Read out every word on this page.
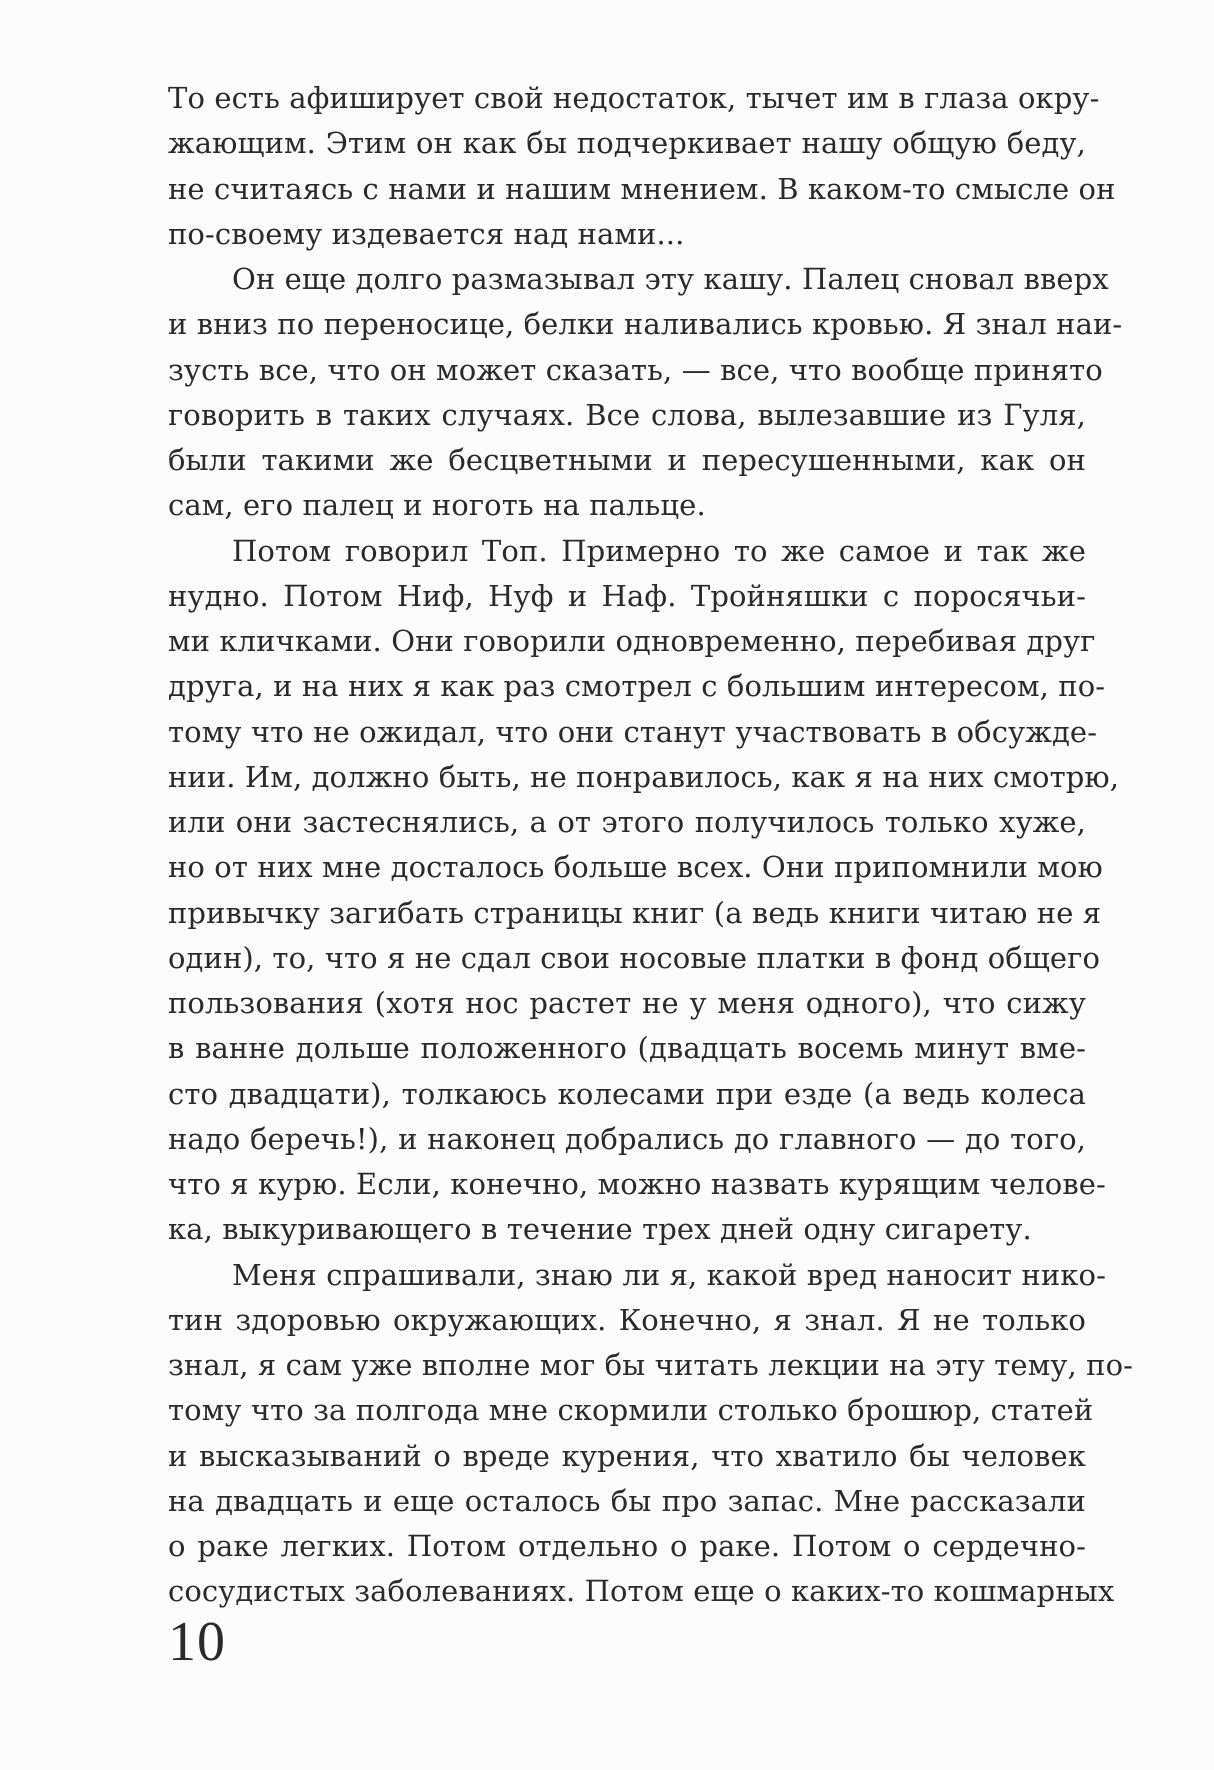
То есть афиширует свой недостаток, тычет им в глаза окру-
жающим. Этим он как бы подчеркивает нашу общую беду,
не считаясь с нами и нашим мнением. В каком-то смысле он
по-своему издевается над нами...
Он еще долго размазывал эту кашу. Палец сновал вверх
и вниз по переносице, белки наливались кровью. Я знал наи-
зусть все, что он может сказать, — все, что вообще принято
говорить в таких случаях. Все слова, вылезавшие из Гуля,
были такими же бесцветными и пересушенными, как он
сам, его палец и ноготь на пальце.
Потом говорил Топ. Примерно то же самое и так же
нудно. Потом Ниф, Нуф и Наф. Тройняшки с поросячьи-
ми кличками. Они говорили одновременно, перебивая друг
друга, и на них я как раз смотрел с большим интересом, по-
тому что не ожидал, что они станут участвовать в обсужде-
нии. Им, должно быть, не понравилось, как я на них смотрю,
или они застеснялись, а от этого получилось только хуже,
но от них мне досталось больше всех. Они припомнили мою
привычку загибать страницы книг (а ведь книги читаю не я
один), то, что я не сдал свои носовые платки в фонд общего
пользования (хотя нос растет не у меня одного), что сижу
в ванне дольше положенного (двадцать восемь минут вме-
сто двадцати), толкаюсь колесами при езде (а ведь колеса
надо беречь!), и наконец добрались до главного — до того,
что я курю. Если, конечно, можно назвать курящим челове-
ка, выкуривающего в течение трех дней одну сигарету.
Меня спрашивали, знаю ли я, какой вред наносит нико-
тин здоровью окружающих. Конечно, я знал. Я не только
знал, я сам уже вполне мог бы читать лекции на эту тему, по-
тому что за полгода мне скормили столько брошюр, статей
и высказываний о вреде курения, что хватило бы человек
на двадцать и еще осталось бы про запас. Мне рассказали
о раке легких. Потом отдельно о раке. Потом о сердечно-
сосудистых заболеваниях. Потом еще о каких-то кошмарных
10
